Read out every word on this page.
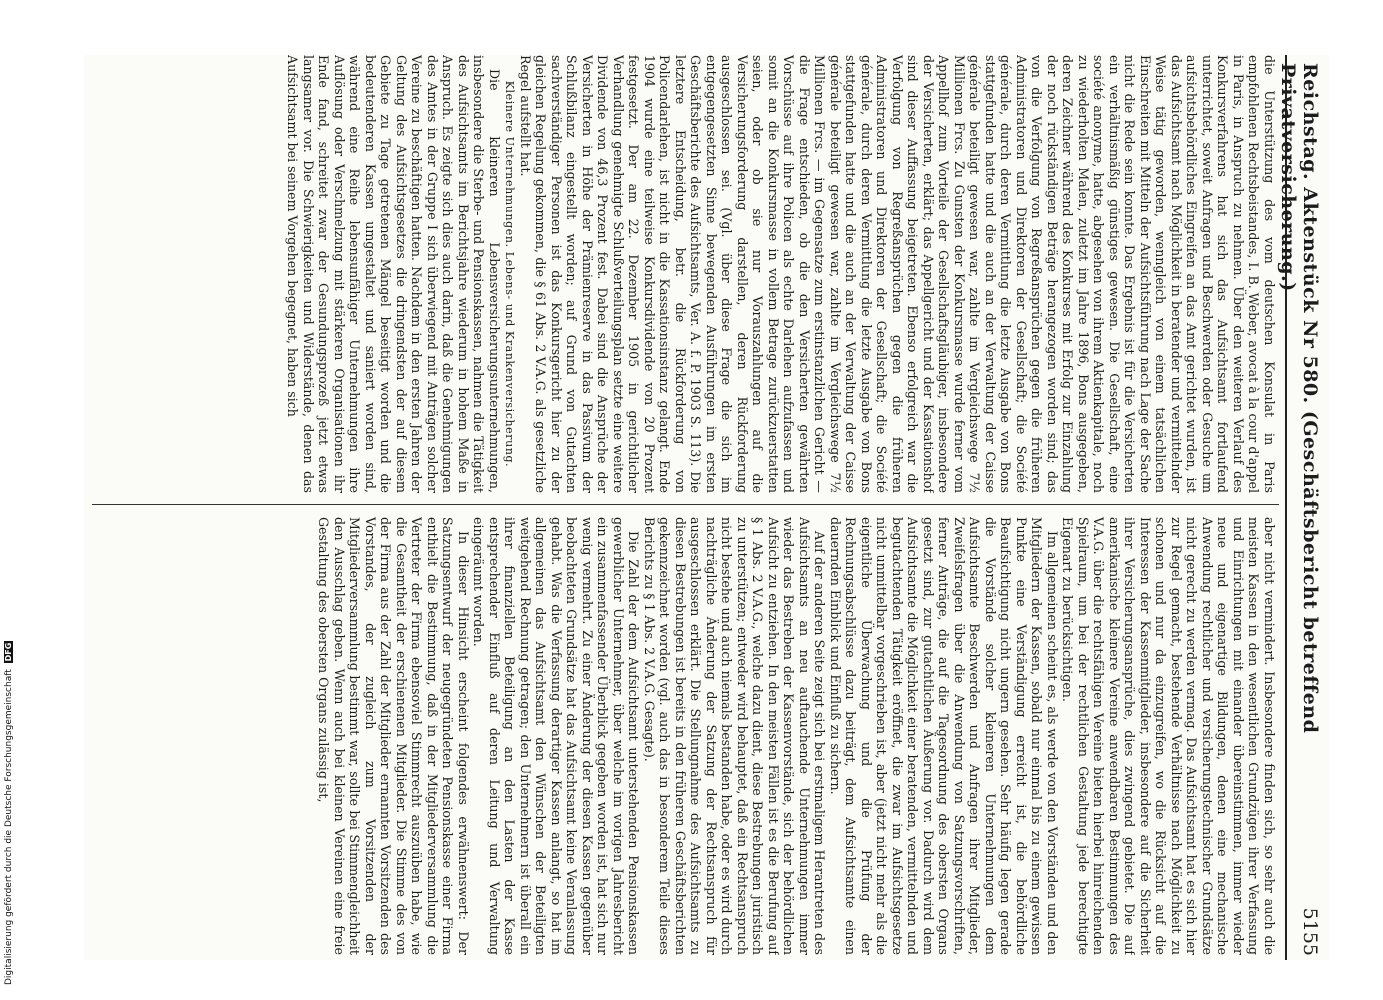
Reichstag. Aktenstück Nr 580. (Geschäftsbericht betreffend Privatversicherung.)
5155

die Unterstützung des vom deutschen Konsulat in Paris empfohlenen Rechtsbeistandes, I. B. Weber, avocat à la cour d'appel in Paris, in Anspruch zu nehmen. Über den weiteren Verlauf des Konkursverfahrens hat sich das Aufsichtsamt fortlaufend unterrichtet, soweit Anfragen und Beschwerden oder Gesuche um aufsichtsbehördliches Eingreifen an das Amt gerichtet wurden, ist das Aufsichtsamt nach Möglichkeit in beratender und vermittelnder Weise tätig geworden, wenngleich von einem tatsächlichen Einschreiten mit Mitteln der Aufsichtsführung nach Lage der Sache nicht die Rede sein konnte. Das Ergebnis ist für die Versicherten ein verhältnismäßig günstiges gewesen. Die Gesellschaft, eine société anonyme, hatte, abgesehen von ihrem Aktienkapitale, noch zu wiederholten Malen, zuletzt im Jahre 1896, Bons ausgegeben, deren Zeichner während des Konkurses mit Erfolg zur Einzahlung der noch rückständigen Beträge herangezogen worden sind; das von die Verfolgung von Regreßansprüchen gegen die früheren Administratoren und Direktoren der Gesellschaft; die Société générale, durch deren Vermittlung die letzte Ausgabe von Bons stattgefunden hatte und die auch an der Verwaltung der Caisse générale beteiligt gewesen war, zahlte im Vergleichswege 7½ Millionen Frcs. Zu Gunsten der Konkursmasse wurde ferner vom Appellhof zum Vorteile der Gesellschaftsgläubiger, insbesondere der Versicherten, erklärt; das Appellgericht und der Kassationshof sind dieser Auffassung beigetreten. Ebenso erfolgreich war die Verfolgung von Regreßansprüchen gegen die früheren Administratoren und Direktoren der Gesellschaft; die Société générale, durch deren Vermittlung die letzte Ausgabe von Bons stattgefunden hatte und die auch an der Verwaltung der Caisse générale beteiligt gewesen war, zahlte im Vergleichswege 7½ Millionen Frcs. — im Gegensatze zum erstinstanzlichen Gericht — die Frage entschieden, ob die den Versicherten gewährten Vorschüsse auf ihre Policen als echte Darlehen aufzufassen und somit an die Konkursmasse in vollem Betrage zurückzuerstatten seien, oder ob sie nur Vorauszahlungen auf die Versicherungsforderung darstellen, deren Rückforderung ausgeschlossen sei. (Vgl. über diese Frage die sich im entgegengesetzten Sinne bewegenden Ausführungen im ersten Geschäftsberichte des Aufsichtsamts, Ver. A. f. P. 1903 S. 113). Die letztere Entscheidung, betr. die Rückforderung von Policendarlehen, ist nicht in die Kassationsinstanz gelangt. Ende 1904 wurde eine teilweise Konkursdividende von 20 Prozent festgesetzt. Der am 22. Dezember 1905 in gerichtlicher Verhandlung genehmigte Schlußverteilungsplan setzte eine weitere Dividende von 46,3 Prozent fest. Dabei sind die Ansprüche der Versicherten in Höhe der Prämienreserve in das Passivum der Schlußbilanz eingestellt worden; auf Grund von Gutachten sachverständiger Personen ist das Konkursgericht hier zu der gleichen Regelung gekommen, die § 61 Abs. 2 V.A.G. als gesetzliche Regel aufstellt hat.

Kleinere Unternehmungen. Lebens- und Krankenversicherung.

Die kleineren Lebensversicherungsunternehmungen, insbesondere die Sterbe- und Pensionskassen, nahmen die Tätigkeit des Aufsichtsamts im Berichtsjahre wiederum in hohem Maße in Anspruch. Es zeigte sich dies auch darin, daß die Genehmigungen des Amtes in der Gruppe I sich überwiegend mit Anträgen solcher Vereine zu beschäftigen hatten. Nachdem in den ersten Jahren der Geltung des Aufsichtsgesetzes die dringendsten der auf diesem Gebiete zu Tage getretenen Mängel beseitigt worden und die bedeutenderen Kassen umgestaltet und saniert worden sind, während eine Reihe lebensunfähiger Unternehmungen ihre Auflösung oder Verschmelzung mit stärkeren Organisationen ihr Ende fand, schreitet zwar der Gesundungsprozeß jetzt etwas langsamer vor. Die Schwierigkeiten und Widerstände, denen das Aufsichtsamt bei seinem Vorgehen begegnet, haben sich

aber nicht vermindert. Insbesondere finden sich, so sehr auch die meisten Kassen in den wesentlichen Grundzügen ihrer Verfassung und Einrichtungen mit einander übereinstimmen, immer wieder neue und eigenartige Bildungen, denen eine mechanische Anwendung rechtlicher und versicherungstechnischer Grundsätze nicht gerecht zu werden vermag. Das Aufsichtsamt hat es sich hier zur Regel gemacht, bestehende Verhältnisse nach Möglichkeit zu schonen und nur da einzugreifen, wo die Rücksicht auf die Interessen der Kassenmitglieder, insbesondere auf die Sicherheit ihrer Versicherungsansprüche, dies zwingend gebietet. Die auf amerikanische kleinere Vereine anwendbaren Bestimmungen des V.A.G. über die rechtsfähigen Vereine bieten hierbei hinreichenden Spielraum, um bei der rechtlichen Gestaltung jede berechtigte Eigenart zu berücksichtigen.

Im allgemeinen scheint es, als werde von den Vorständen und den Mitgliedern der Kassen, sobald nur einmal bis zu einem gewissen Punkte eine Verständigung erreicht ist, die behördliche Beaufsichtigung nicht ungern gesehen. Sehr häufig legen gerade die Vorstände solcher kleineren Unternehmungen dem Aufsichtsamte Beschwerden und Anfragen ihrer Mitglieder, Zweifelsfragen über die Anwendung von Satzungsvorschriften, ferner Anträge, die auf die Tagesordnung des obersten Organs gesetzt sind, zur gutachtlichen Äußerung vor. Dadurch wird dem Aufsichtsamte die Möglichkeit einer beratenden, vermittelnden und begutachtenden Tätigkeit eröffnet, die zwar im Aufsichtsgesetze nicht unmittelbar vorgeschrieben ist, aber (jetzt nicht mehr als die eigentliche Überwachung und die Prüfung der Rechnungsabschlüsse dazu beiträgt, dem Aufsichtsamte einen dauernden Einblick und Einfluß zu sichern.

Auf der anderen Seite zeigt sich bei erstmaligem Herantreten des Aufsichtsamts an neu auftauchende Unternehmungen immer wieder das Bestreben der Kassenvorstände, sich der behördlichen Aufsicht zu entziehen. In den meisten Fällen ist es die Berufung auf § 1 Abs. 2 V.A.G., welche dazu dient, diese Bestrebungen juristisch zu unterstützen; entweder wird behauptet, daß ein Rechtsanspruch nicht bestehe und auch niemals bestanden habe, oder es wird durch nachträgliche Änderung der Satzung der Rechtsanspruch für ausgeschlossen erklärt. Die Stellungnahme des Aufsichtsamts zu diesen Bestrebungen ist bereits in den früheren Geschäftsberichten gekennzeichnet worden (vgl. auch das in besonderem Teile dieses Berichts zu § 1 Abs. 2 V.A.G. Gesagte).

Die Zahl der dem Aufsichtsamt unterstehenden Pensionskassen gewerblicher Unternehmer, über welche im vorigen Jahresbericht ein zusammenfassender Überblick gegeben worden ist, hat sich nur wenig vermehrt. Zu einer Änderung der diesen Kassen gegenüber beobachteten Grundsätze hat das Aufsichtsamt keine Veranlassung gehabt. Was die Verfassung derartiger Kassen anlangt, so hat im allgemeinen das Aufsichtsamt den Wünschen der Beteiligten weitgehend Rechnung getragen; den Unternehmern ist überall ein ihrer finanziellen Beteiligung an den Lasten der Kasse entsprechender Einfluß auf deren Leitung und Verwaltung eingeräumt worden.

In dieser Hinsicht erscheint folgendes erwähnenswert: Der Satzungsentwurf der neugegründeten Pensionskasse einer Firma enthielt die Bestimmung, daß in der Mitgliederversammlung die Vertreter der Firma ebensoviel Stimmrecht auszuüben habe, wie die Gesamtheit der erschienenen Mitglieder. Die Stimme des von der Firma aus der Zahl der Mitglieder ernannten Vorsitzenden des Vorstandes, der zugleich zum Vorsitzenden der Mitgliederversammlung bestimmt war, sollte bei Stimmengleichheit den Ausschlag geben. Wenn auch bei kleinen Vereinen eine freie Gestaltung des obersten Organs zulässig ist,

Digitalisierung gefördert durch die Deutsche Forschungsgemeinschaft DFG
